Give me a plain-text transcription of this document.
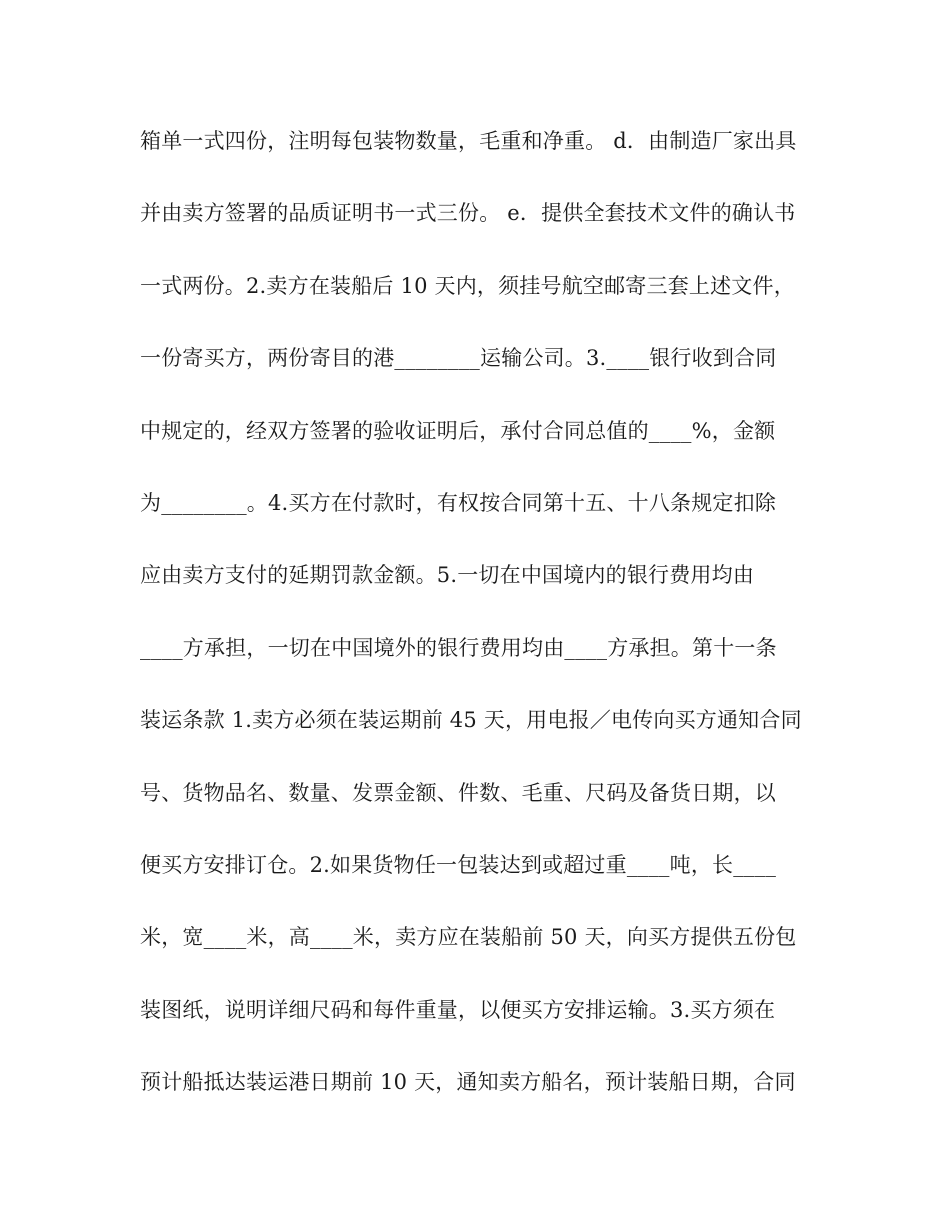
箱单一式四份，注明每包装物数量，毛重和净重。 d．由制造厂家出具
并由卖方签署的品质证明书一式三份。 e．提供全套技术文件的确认书
一式两份。2.卖方在装船后 10 天内，须挂号航空邮寄三套上述文件，
一份寄买方，两份寄目的港________运输公司。3.____银行收到合同
中规定的，经双方签署的验收证明后，承付合同总值的____%，金额
为________。4.买方在付款时，有权按合同第十五、十八条规定扣除
应由卖方支付的延期罚款金额。5.一切在中国境内的银行费用均由
____方承担，一切在中国境外的银行费用均由____方承担。第十一条
装运条款 1.卖方必须在装运期前 45 天，用电报／电传向买方通知合同
号、货物品名、数量、发票金额、件数、毛重、尺码及备货日期，以
便买方安排订仓。2.如果货物任一包装达到或超过重____吨，长____
米，宽____米，高____米，卖方应在装船前 50 天，向买方提供五份包
装图纸，说明详细尺码和每件重量，以便买方安排运输。3.买方须在
预计船抵达装运港日期前 10 天，通知卖方船名，预计装船日期，合同
